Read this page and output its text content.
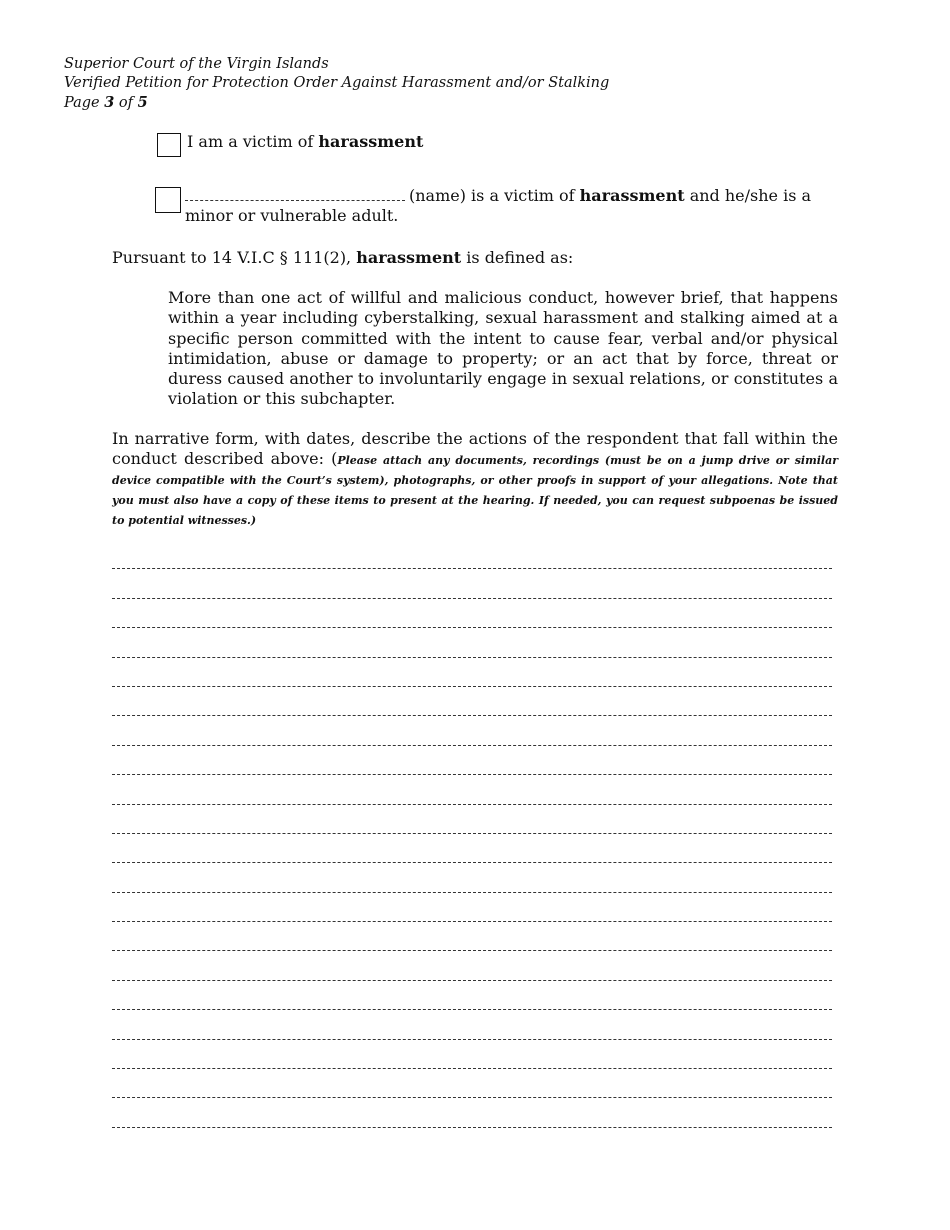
Superior Court of the Virgin Islands
Verified Petition for Protection Order Against Harassment and/or Stalking
Page 3 of 5
I am a victim of harassment
(name) is a victim of harassment and he/she is a minor or vulnerable adult.
Pursuant to 14 V.I.C § 111(2), harassment is defined as:
More than one act of willful and malicious conduct, however brief, that happens within a year including cyberstalking, sexual harassment and stalking aimed at a specific person committed with the intent to cause fear, verbal and/or physical intimidation, abuse or damage to property; or an act that by force, threat or duress caused another to involuntarily engage in sexual relations, or constitutes a violation or this subchapter.
In narrative form, with dates, describe the actions of the respondent that fall within the conduct described above: (Please attach any documents, recordings (must be on a jump drive or similar device compatible with the Court’s system), photographs, or other proofs in support of your allegations. Note that you must also have a copy of these items to present at the hearing. If needed, you can request subpoenas be issued to potential witnesses.)
